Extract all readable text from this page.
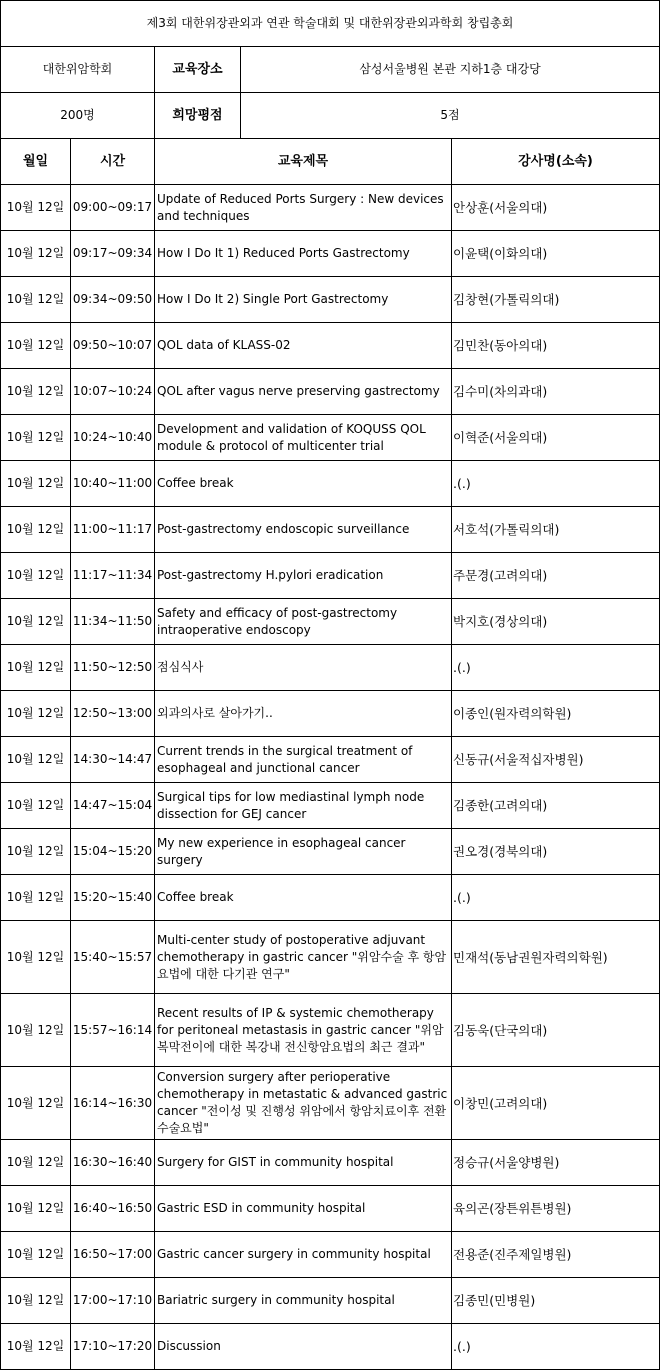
제3회 대한위장관외과 연관 학술대회 및 대한위장관외과학회 창립총회				
대한위암학회		교육장소	삼성서울병원 본관 지하1층 대강당	
200명		희망평점	5점	
월일	시간	교육제목		강사명(소속)
10월 12일	09:00~09:17	Update of Reduced Ports Surgery : New devices and techniques		안상훈(서울의대)
10월 12일	09:17~09:34	How I Do It 1) Reduced Ports Gastrectomy		이윤택(이화의대)
10월 12일	09:34~09:50	How I Do It 2) Single Port Gastrectomy		김창현(가톨릭의대)
10월 12일	09:50~10:07	QOL data of KLASS-02		김민찬(동아의대)
10월 12일	10:07~10:24	QOL after vagus nerve preserving gastrectomy		김수미(차의과대)
10월 12일	10:24~10:40	Development and validation of KOQUSS QOL module & protocol of multicenter trial		이혁준(서울의대)
10월 12일	10:40~11:00	Coffee break		.(.)
10월 12일	11:00~11:17	Post-gastrectomy endoscopic surveillance		서호석(가톨릭의대)
10월 12일	11:17~11:34	Post-gastrectomy H.pylori eradication		주문경(고려의대)
10월 12일	11:34~11:50	Safety and efficacy of post-gastrectomy intraoperative endoscopy		박지호(경상의대)
10월 12일	11:50~12:50	점심식사		.(.)
10월 12일	12:50~13:00	외과의사로 살아가기..		이종인(원자력의학원)
10월 12일	14:30~14:47	Current trends in the surgical treatment of esophageal and junctional cancer		신동규(서울적십자병원)
10월 12일	14:47~15:04	Surgical tips for low mediastinal lymph node dissection for GEJ cancer		김종한(고려의대)
10월 12일	15:04~15:20	My new experience in esophageal cancer surgery		권오경(경북의대)
10월 12일	15:20~15:40	Coffee break		.(.)
10월 12일	15:40~15:57	Multi-center study of postoperative adjuvant chemotherapy in gastric cancer "위암수술 후 항암요법에 대한 다기관 연구"		민재석(동남권원자력의학원)
10월 12일	15:57~16:14	Recent results of IP & systemic chemotherapy for peritoneal metastasis in gastric cancer "위암복막전이에 대한 복강내 전신항암요법의 최근 결과"		김동욱(단국의대)
10월 12일	16:14~16:30	Conversion surgery after perioperative chemotherapy in metastatic & advanced gastric cancer "전이성 및 진행성 위암에서 항암치료이후 전환수술요법"		이창민(고려의대)
10월 12일	16:30~16:40	Surgery for GIST in community hospital		정승규(서울양병원)
10월 12일	16:40~16:50	Gastric ESD in community hospital		육의곤(장튼위튼병원)
10월 12일	16:50~17:00	Gastric cancer surgery in community hospital		전용준(진주제일병원)
10월 12일	17:00~17:10	Bariatric surgery in community hospital		김종민(민병원)
10월 12일	17:10~17:20	Discussion		.(.)
